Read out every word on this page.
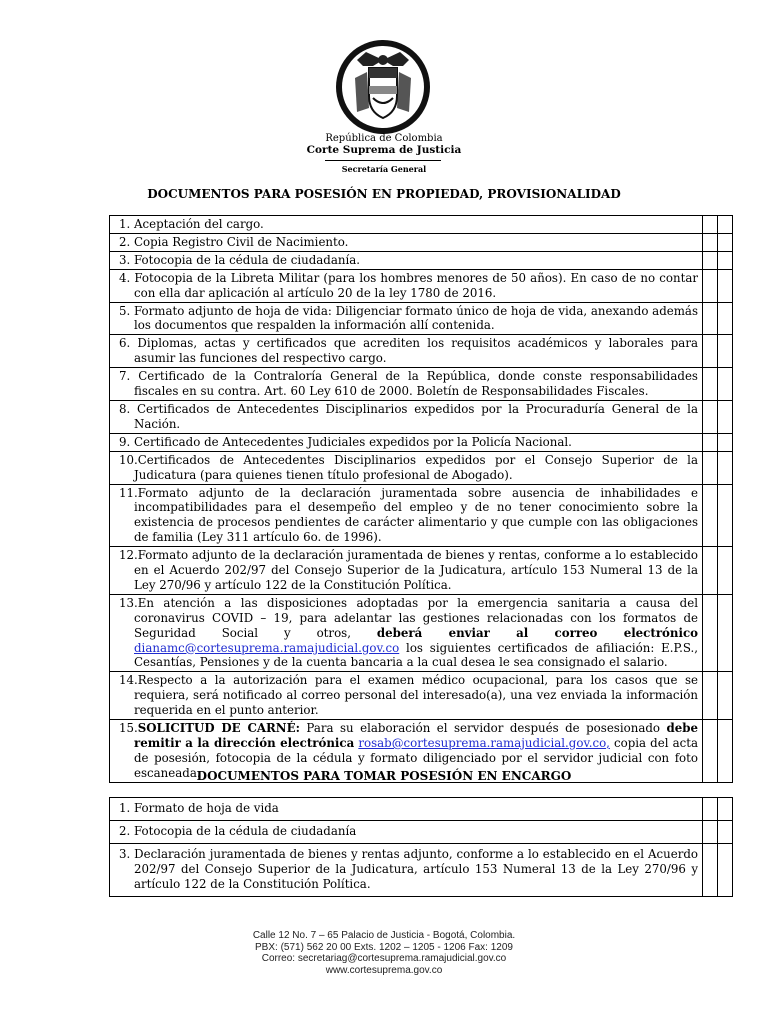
República de Colombia
Corte Suprema de Justicia
Secretaría General
DOCUMENTOS PARA POSESIÓN EN PROPIEDAD, PROVISIONALIDAD
1. Aceptación del cargo.		

2. Copia Registro Civil de Nacimiento.		

3. Fotocopia de la cédula de ciudadanía.		

4. Fotocopia de la Libreta Militar (para los hombres menores de 50 años). En caso de no contar con ella dar aplicación al artículo 20 de la ley 1780 de 2016.		

5. Formato adjunto de hoja de vida: Diligenciar formato único de hoja de vida, anexando además los documentos que respalden la información allí contenida.		

6. Diplomas, actas y certificados que acrediten los requisitos académicos y laborales para asumir las funciones del respectivo cargo.		

7. Certificado de la Contraloría General de la República, donde conste responsabilidades fiscales en su contra. Art. 60 Ley 610 de 2000. Boletín de Responsabilidades Fiscales.		

8. Certificados de Antecedentes Disciplinarios expedidos por la Procuraduría General de la Nación.		

9. Certificado de Antecedentes Judiciales expedidos por la Policía Nacional.		

10.Certificados de Antecedentes Disciplinarios expedidos por el Consejo Superior de la Judicatura (para quienes tienen título profesional de Abogado).		

11.Formato adjunto de la declaración juramentada sobre ausencia de inhabilidades e incompatibilidades para el desempeño del empleo y de no tener conocimiento sobre la existencia de procesos pendientes de carácter alimentario y que cumple con las obligaciones de familia (Ley 311 artículo 6o. de 1996).		

12.Formato adjunto de la declaración juramentada de bienes y rentas, conforme a lo establecido en el Acuerdo 202/97 del Consejo Superior de la Judicatura, artículo 153 Numeral 13 de la Ley 270/96 y artículo 122 de la Constitución Política.		

13.En atención a las disposiciones adoptadas por la emergencia sanitaria a causa del coronavirus COVID – 19, para adelantar las gestiones relacionadas con los formatos de Seguridad Social y otros, deberá enviar al correo electrónico dianamc@cortesuprema.ramajudicial.gov.co los siguientes certificados de afiliación: E.P.S., Cesantías, Pensiones y de la cuenta bancaria a la cual desea le sea consignado el salario.		

14.Respecto a la autorización para el examen médico ocupacional, para los casos que se requiera, será notificado al correo personal del interesado(a), una vez enviada la información requerida en el punto anterior.		

15.SOLICITUD DE CARNÉ: Para su elaboración el servidor después de posesionado debe remitir a la dirección electrónica rosab@cortesuprema.ramajudicial.gov.co, copia del acta de posesión, fotocopia de la cédula y formato diligenciado por el servidor judicial con foto escaneada.		

DOCUMENTOS PARA TOMAR POSESIÓN EN ENCARGO
1. Formato de hoja de vida		

2. Fotocopia de la cédula de ciudadanía		

3. Declaración juramentada de bienes y rentas adjunto, conforme a lo establecido en el Acuerdo 202/97 del Consejo Superior de la Judicatura, artículo 153 Numeral 13 de la Ley 270/96 y artículo 122 de la Constitución Política.		

Calle 12 No. 7 – 65 Palacio de Justicia - Bogotá, Colombia.
PBX: (571) 562 20 00 Exts. 1202 – 1205 - 1206 Fax: 1209
Correo: secretariag@cortesuprema.ramajudicial.gov.co
www.cortesuprema.gov.co
